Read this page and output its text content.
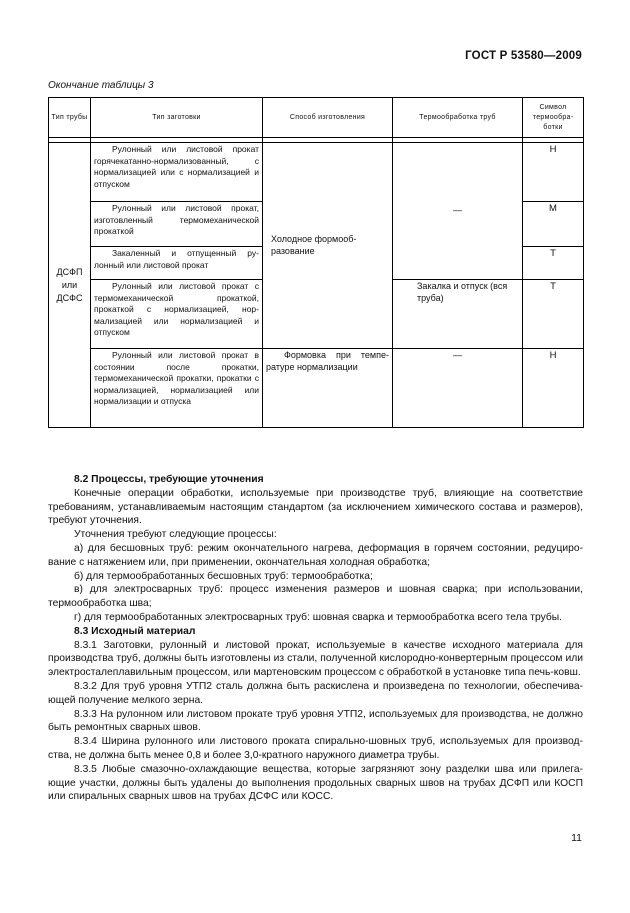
ГОСТ Р 53580—2009
Окончание таблицы 3
Тип трубы	Тип заготовки	Способ изготовления	Термообработка труб	Символ термообработки

ДСФП или ДСФС	Рулонный или листовой прокат горячекатанно-нормализованный, с нормализацией или с нормализацией и отпуском	Холодное формообразование	—	Н
	Рулонный или листовой прокат, изготовленный термомеханической прокаткой			М
	Закаленный и отпущенный рулонный или листовой прокат			Т
	Рулонный или листовой прокат с термомеханической прокаткой, прокаткой с нормализацией, нормализацией или нормализацией и отпуском		Закалка и отпуск (вся труба)	Т
	Рулонный или листовой прокат в состоянии после прокатки, термомеханической прокатки, прокатки с нормализацией, нормализацией или нормализации и отпуска	Формовка при температуре нормализации	—	Н
8.2 Процессы, требующие уточнения

Конечные операции обработки, используемые при производстве труб, влияющие на соответствие требованиям, устанавливаемым настоящим стандартом (за исключением химического состава и размеров), требуют уточнения.

Уточнения требуют следующие процессы:

а) для бесшовных труб: режим окончательного нагрева, деформация в горячем состоянии, редуцирование с натяжением или, при применении, окончательная холодная обработка;

б) для термообработанных бесшовных труб: термообработка;

в) для электросварных труб: процесс изменения размеров и шовная сварка; при использовании, термообработка шва;

г) для термообработанных электросварных труб: шовная сварка и термообработка всего тела трубы.

8.3 Исходный материал

8.3.1 Заготовки, рулонный и листовой прокат, используемые в качестве исходного материала для производства труб, должны быть изготовлены из стали, полученной кислородно-конвертерным процессом или электросталеплавильным процессом, или мартеновским процессом с обработкой в установке типа печь-ковш.

8.3.2 Для труб уровня УТП2 сталь должна быть раскислена и произведена по технологии, обеспечивающей получение мелкого зерна.

8.3.3 На рулонном или листовом прокате труб уровня УТП2, используемых для производства, не должно быть ремонтных сварных швов.

8.3.4 Ширина рулонного или листового проката спирально-шовных труб, используемых для производства, не должна быть менее 0,8 и более 3,0-кратного наружного диаметра трубы.

8.3.5 Любые смазочно-охлаждающие вещества, которые загрязняют зону разделки шва или прилегающие участки, должны быть удалены до выполнения продольных сварных швов на трубах ДСФП или КОСП или спиральных сварных швов на трубах ДСФС или КОСС.

11
